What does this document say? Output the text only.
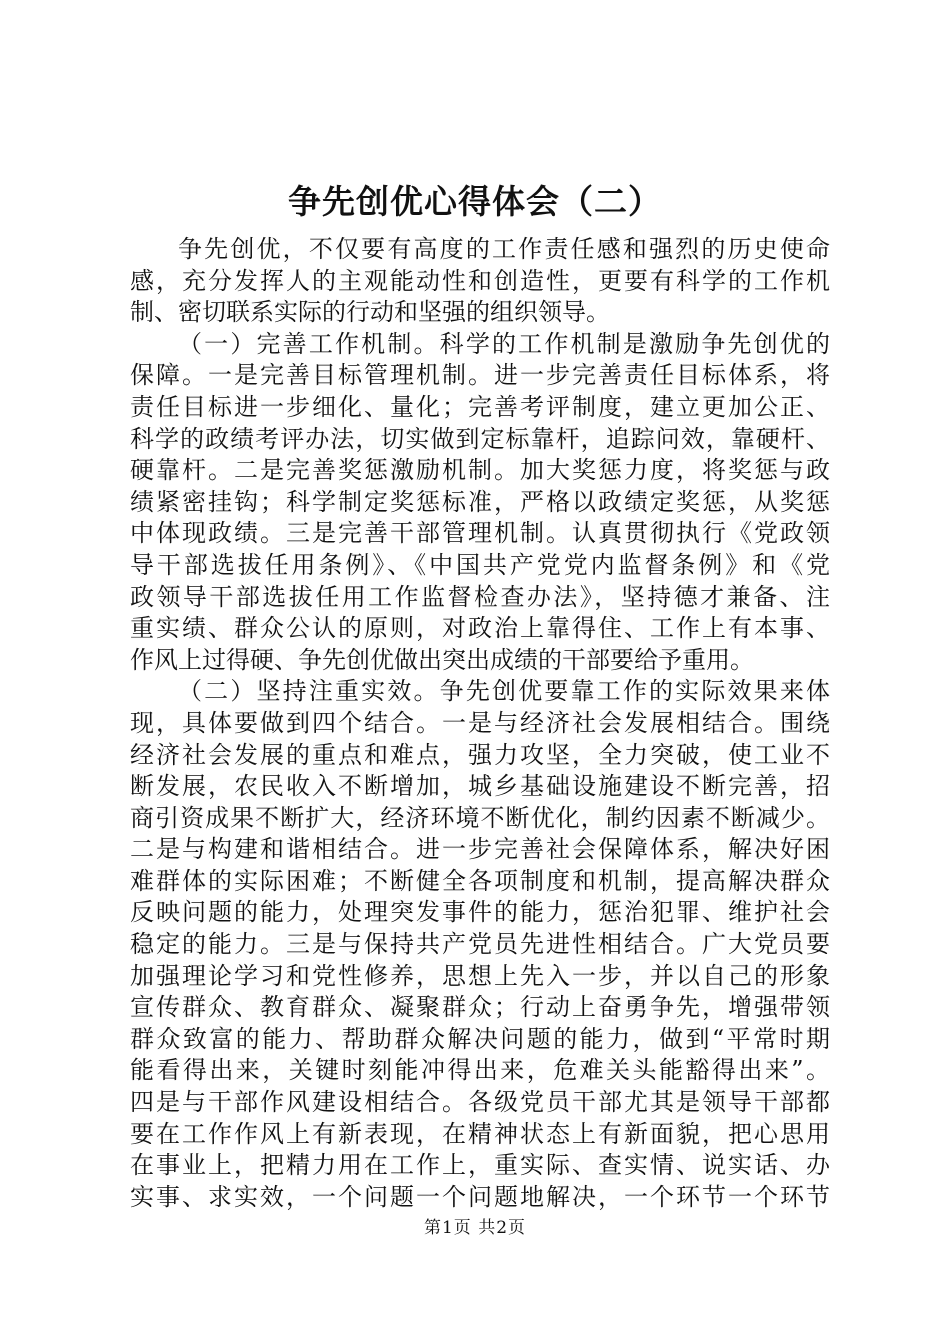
争先创优心得体会（二）
争先创优，不仅要有高度的工作责任感和强烈的历史使命
感，充分发挥人的主观能动性和创造性，更要有科学的工作机
制、密切联系实际的行动和坚强的组织领导。
（一）完善工作机制。科学的工作机制是激励争先创优的
保障。一是完善目标管理机制。进一步完善责任目标体系，将
责任目标进一步细化、量化；完善考评制度，建立更加公正、
科学的政绩考评办法，切实做到定标靠杆，追踪问效，靠硬杆、
硬靠杆。二是完善奖惩激励机制。加大奖惩力度，将奖惩与政
绩紧密挂钩；科学制定奖惩标准，严格以政绩定奖惩，从奖惩
中体现政绩。三是完善干部管理机制。认真贯彻执行《党政领
导干部选拔任用条例》、《中国共产党党内监督条例》和《党
政领导干部选拔任用工作监督检查办法》，坚持德才兼备、注
重实绩、群众公认的原则，对政治上靠得住、工作上有本事、
作风上过得硬、争先创优做出突出成绩的干部要给予重用。
（二）坚持注重实效。争先创优要靠工作的实际效果来体
现，具体要做到四个结合。一是与经济社会发展相结合。围绕
经济社会发展的重点和难点，强力攻坚，全力突破，使工业不
断发展，农民收入不断增加，城乡基础设施建设不断完善，招
商引资成果不断扩大，经济环境不断优化，制约因素不断减少。
二是与构建和谐相结合。进一步完善社会保障体系，解决好困
难群体的实际困难；不断健全各项制度和机制，提高解决群众
反映问题的能力，处理突发事件的能力，惩治犯罪、维护社会
稳定的能力。三是与保持共产党员先进性相结合。广大党员要
加强理论学习和党性修养，思想上先入一步，并以自己的形象
宣传群众、教育群众、凝聚群众；行动上奋勇争先，增强带领
群众致富的能力、帮助群众解决问题的能力，做到“平常时期
能看得出来，关键时刻能冲得出来，危难关头能豁得出来”。
四是与干部作风建设相结合。各级党员干部尤其是领导干部都
要在工作作风上有新表现，在精神状态上有新面貌，把心思用
在事业上，把精力用在工作上，重实际、查实情、说实话、办
实事、求实效，一个问题一个问题地解决，一个环节一个环节
第1页 共2页
